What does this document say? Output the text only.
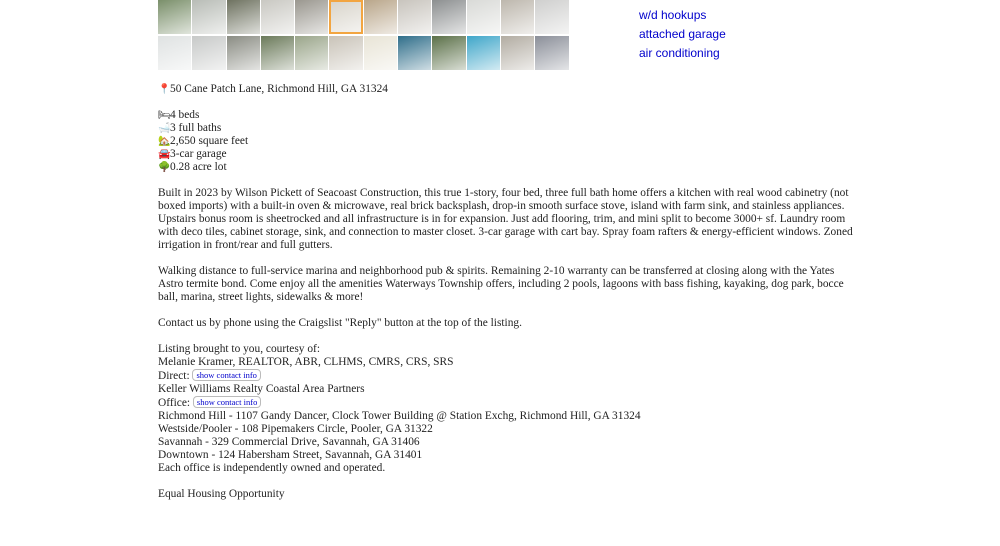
w/d hookups
attached garage
air conditioning
📍50 Cane Patch Lane, Richmond Hill, GA 31324
🛏4 beds
🛁3 full baths
🏡2,650 square feet
🚘3-car garage
🌳0.28 acre lot

Built in 2023 by Wilson Pickett of Seacoast Construction, this true 1-story, four bed, three full bath home offers a kitchen with real wood cabinetry (not boxed imports) with a built-in oven & microwave, real brick backsplash, drop-in smooth surface stove, island with farm sink, and stainless appliances. Upstairs bonus room is sheetrocked and all infrastructure is in for expansion. Just add flooring, trim, and mini split to become 3000+ sf. Laundry room with deco tiles, cabinet storage, sink, and connection to master closet. 3-car garage with cart bay. Spray foam rafters & energy-efficient windows. Zoned irrigation in front/rear and full gutters.

Walking distance to full-service marina and neighborhood pub & spirits. Remaining 2-10 warranty can be transferred at closing along with the Yates Astro termite bond. Come enjoy all the amenities Waterways Township offers, including 2 pools, lagoons with bass fishing, kayaking, dog park, bocce ball, marina, street lights, sidewalks & more!

Contact us by phone using the Craigslist "Reply" button at the top of the listing.

Listing brought to you, courtesy of:
Melanie Kramer, REALTOR, ABR, CLHMS, CMRS, CRS, SRS
Direct: show contact info
Keller Williams Realty Coastal Area Partners
Office: show contact info
Richmond Hill - 1107 Gandy Dancer, Clock Tower Building @ Station Exchg, Richmond Hill, GA 31324
Westside/Pooler - 108 Pipemakers Circle, Pooler, GA 31322
Savannah - 329 Commercial Drive, Savannah, GA 31406
Downtown - 124 Habersham Street, Savannah, GA 31401
Each office is independently owned and operated.
Equal Housing Opportunity
